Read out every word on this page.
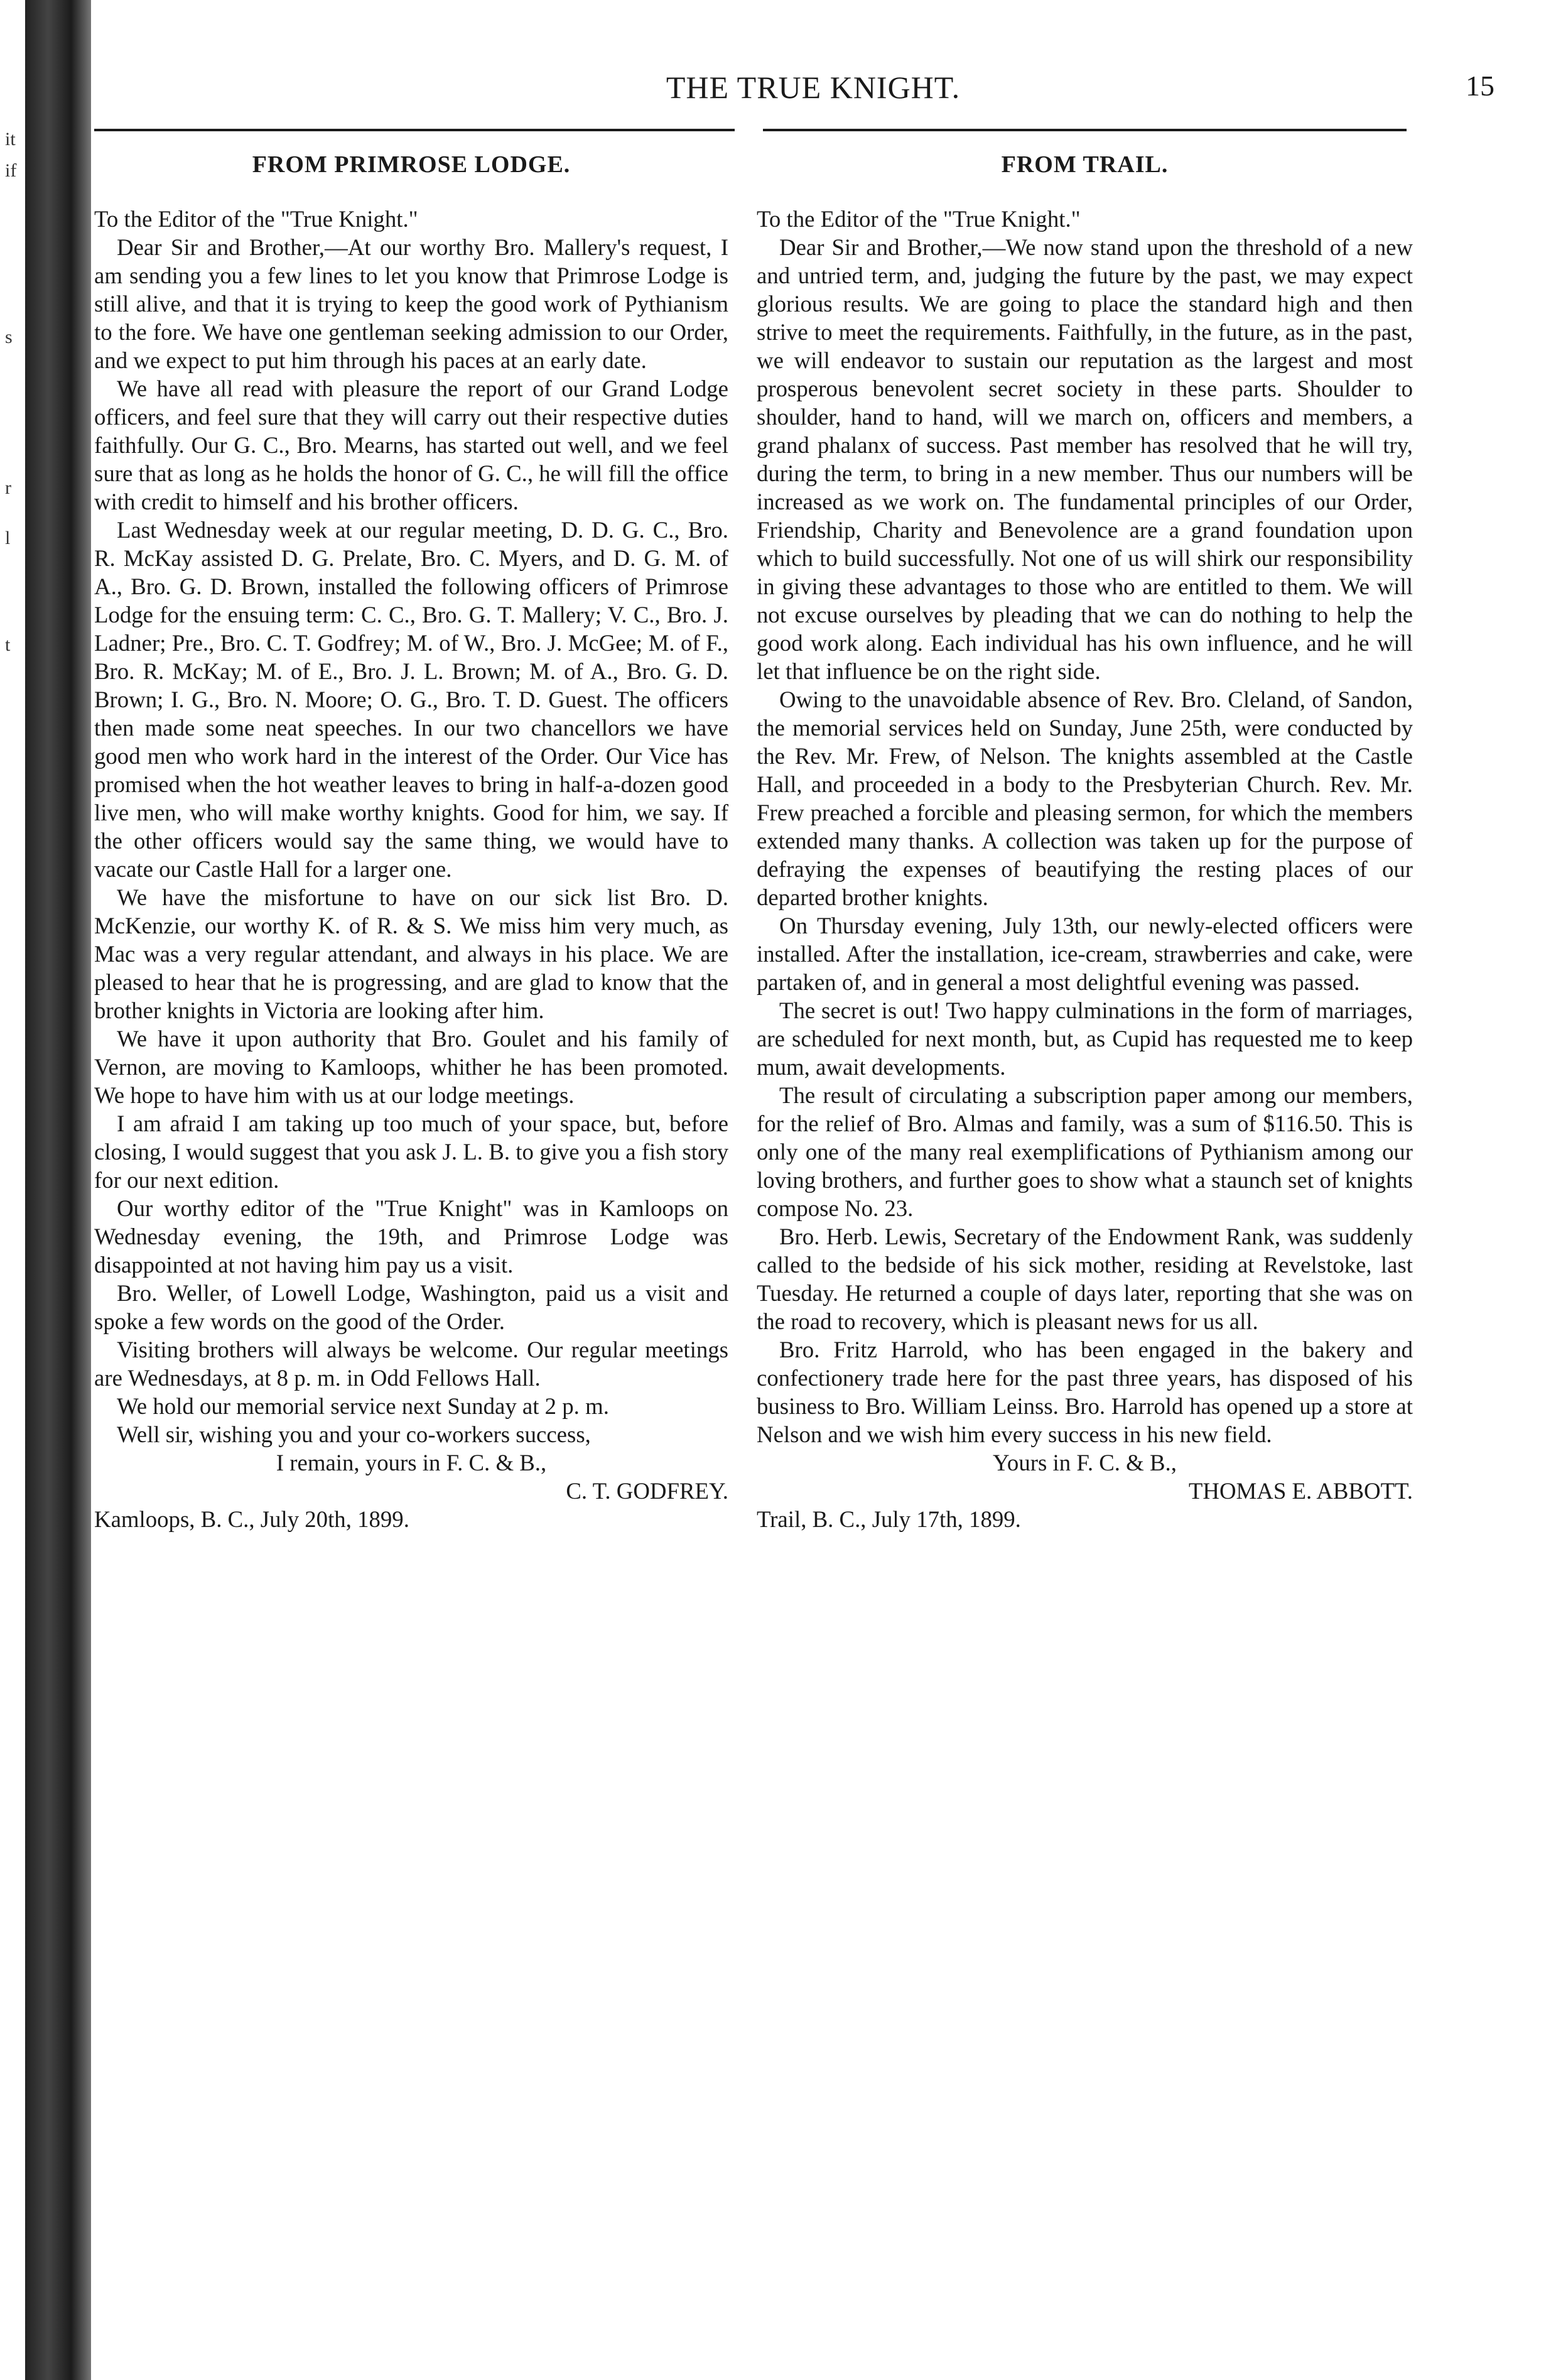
it
if
s
r
l
t
THE TRUE KNIGHT.	15
FROM PRIMROSE LODGE.

To the Editor of the "True Knight."

Dear Sir and Brother,—At our worthy Bro. Mallery's request, I am sending you a few lines to let you know that Primrose Lodge is still alive, and that it is trying to keep the good work of Pythianism to the fore. We have one gentleman seeking admission to our Order, and we expect to put him through his paces at an early date.

We have all read with pleasure the report of our Grand Lodge officers, and feel sure that they will carry out their respective duties faithfully. Our G. C., Bro. Mearns, has started out well, and we feel sure that as long as he holds the honor of G. C., he will fill the office with credit to himself and his brother officers.

Last Wednesday week at our regular meeting, D. D. G. C., Bro. R. McKay assisted D. G. Prelate, Bro. C. Myers, and D. G. M. of A., Bro. G. D. Brown, installed the following officers of Primrose Lodge for the ensuing term: C. C., Bro. G. T. Mallery; V. C., Bro. J. Ladner; Pre., Bro. C. T. Godfrey; M. of W., Bro. J. McGee; M. of F., Bro. R. McKay; M. of E., Bro. J. L. Brown; M. of A., Bro. G. D. Brown; I. G., Bro. N. Moore; O. G., Bro. T. D. Guest. The officers then made some neat speeches. In our two chancellors we have good men who work hard in the interest of the Order. Our Vice has promised when the hot weather leaves to bring in half-a-dozen good live men, who will make worthy knights. Good for him, we say. If the other officers would say the same thing, we would have to vacate our Castle Hall for a larger one.

We have the misfortune to have on our sick list Bro. D. McKenzie, our worthy K. of R. & S. We miss him very much, as Mac was a very regular attendant, and always in his place. We are pleased to hear that he is progressing, and are glad to know that the brother knights in Victoria are looking after him.

We have it upon authority that Bro. Goulet and his family of Vernon, are moving to Kamloops, whither he has been promoted. We hope to have him with us at our lodge meetings.

I am afraid I am taking up too much of your space, but, before closing, I would suggest that you ask J. L. B. to give you a fish story for our next edition.

Our worthy editor of the "True Knight" was in Kamloops on Wednesday evening, the 19th, and Primrose Lodge was disappointed at not having him pay us a visit.

Bro. Weller, of Lowell Lodge, Washington, paid us a visit and spoke a few words on the good of the Order.

Visiting brothers will always be welcome. Our regular meetings are Wednesdays, at 8 p. m. in Odd Fellows Hall.

We hold our memorial service next Sunday at 2 p. m.

Well sir, wishing you and your co-workers success,

I remain, yours in F. C. & B.,

C. T. GODFREY.

Kamloops, B. C., July 20th, 1899.

FROM TRAIL.

To the Editor of the "True Knight."

Dear Sir and Brother,—We now stand upon the threshold of a new and untried term, and, judging the future by the past, we may expect glorious results. We are going to place the standard high and then strive to meet the requirements. Faithfully, in the future, as in the past, we will endeavor to sustain our reputation as the largest and most prosperous benevolent secret society in these parts. Shoulder to shoulder, hand to hand, will we march on, officers and members, a grand phalanx of success. Past member has resolved that he will try, during the term, to bring in a new member. Thus our numbers will be increased as we work on. The fundamental principles of our Order, Friendship, Charity and Benevolence are a grand foundation upon which to build successfully. Not one of us will shirk our responsibility in giving these advantages to those who are entitled to them. We will not excuse ourselves by pleading that we can do nothing to help the good work along. Each individual has his own influence, and he will let that influence be on the right side.

Owing to the unavoidable absence of Rev. Bro. Cleland, of Sandon, the memorial services held on Sunday, June 25th, were conducted by the Rev. Mr. Frew, of Nelson. The knights assembled at the Castle Hall, and proceeded in a body to the Presbyterian Church. Rev. Mr. Frew preached a forcible and pleasing sermon, for which the members extended many thanks. A collection was taken up for the purpose of defraying the expenses of beautifying the resting places of our departed brother knights.

On Thursday evening, July 13th, our newly-elected officers were installed. After the installation, ice-cream, strawberries and cake, were partaken of, and in general a most delightful evening was passed.

The secret is out! Two happy culminations in the form of marriages, are scheduled for next month, but, as Cupid has requested me to keep mum, await developments.

The result of circulating a subscription paper among our members, for the relief of Bro. Almas and family, was a sum of $116.50. This is only one of the many real exemplifications of Pythianism among our loving brothers, and further goes to show what a staunch set of knights compose No. 23.

Bro. Herb. Lewis, Secretary of the Endowment Rank, was suddenly called to the bedside of his sick mother, residing at Revelstoke, last Tuesday. He returned a couple of days later, reporting that she was on the road to recovery, which is pleasant news for us all.

Bro. Fritz Harrold, who has been engaged in the bakery and confectionery trade here for the past three years, has disposed of his business to Bro. William Leinss. Bro. Harrold has opened up a store at Nelson and we wish him every success in his new field.

Yours in F. C. & B.,

THOMAS E. ABBOTT.

Trail, B. C., July 17th, 1899.
